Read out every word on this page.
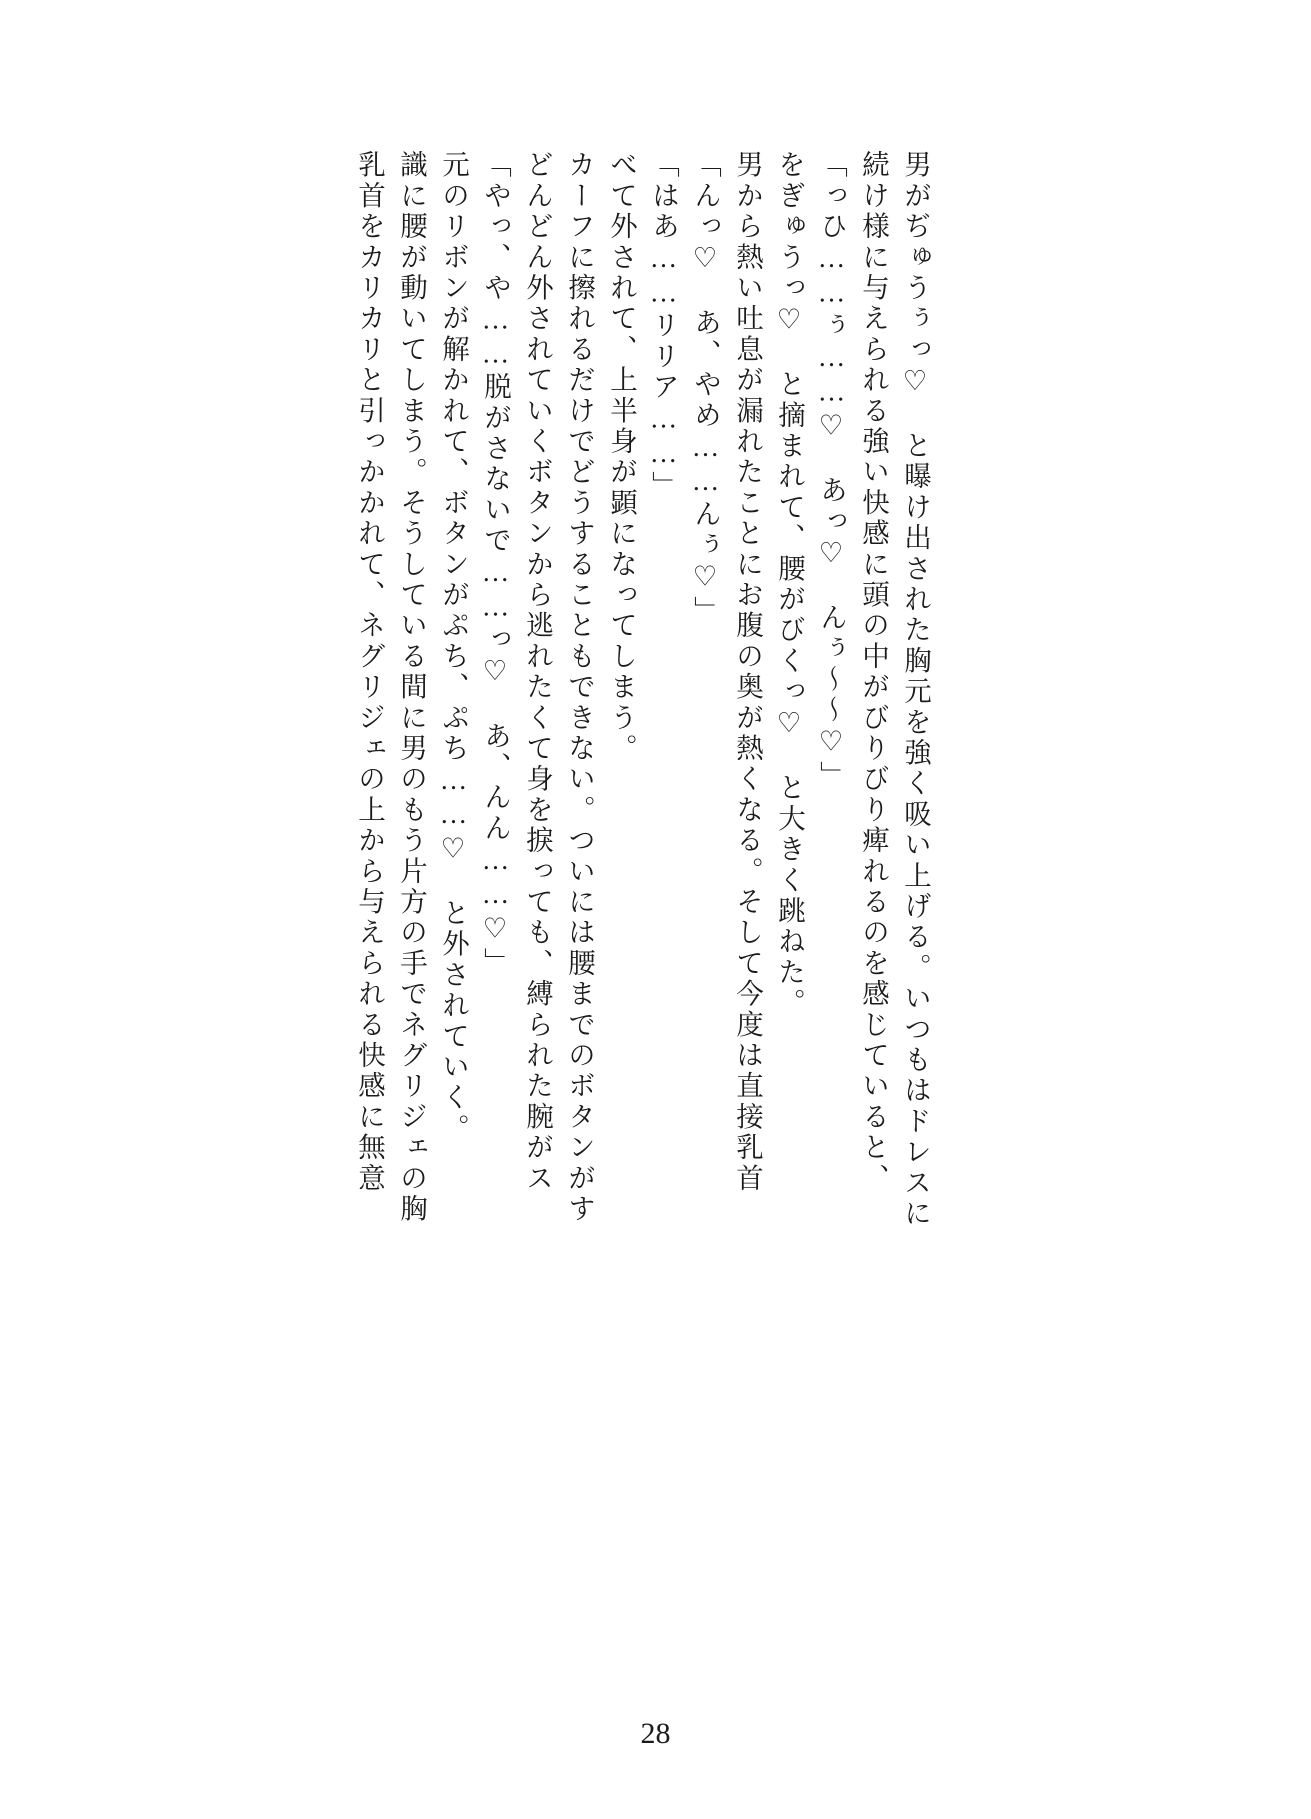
乳首をカリカリと引っかかれて、ネグリジェの上から与えられる快感に無意 識に腰が動いてしまう。そうしている間に男のもう片方の手でネグリジェの胸 元のリボンが解かれて、ボタンがぷち、ぷち……♡　と外されていく。 「やっ、や……脱がさないで……っ♡　あ、んん……♡」 どんどん外されていくボタンから逃れたくて身を捩っても、縛られた腕がス カーフに擦れるだけでどうすることもできない。ついには腰までのボタンがす べて外されて、上半身が顕になってしまう。 「はあ……リリア……」 「んっ♡　あ、やめ……んぅ♡」 男から熱い吐息が漏れたことにお腹の奥が熱くなる。そして今度は直接乳首 をぎゅうっ♡　と摘まれて、腰がびくっ♡　と大きく跳ねた。 「っひ……ぅ……♡　あっ♡　んぅ〜〜♡」 続け様に与えられる強い快感に頭の中がびりびり痺れるのを感じていると、 男がぢゅうぅっ♡　と曝け出された胸元を強く吸い上げる。いつもはドレスに
28
